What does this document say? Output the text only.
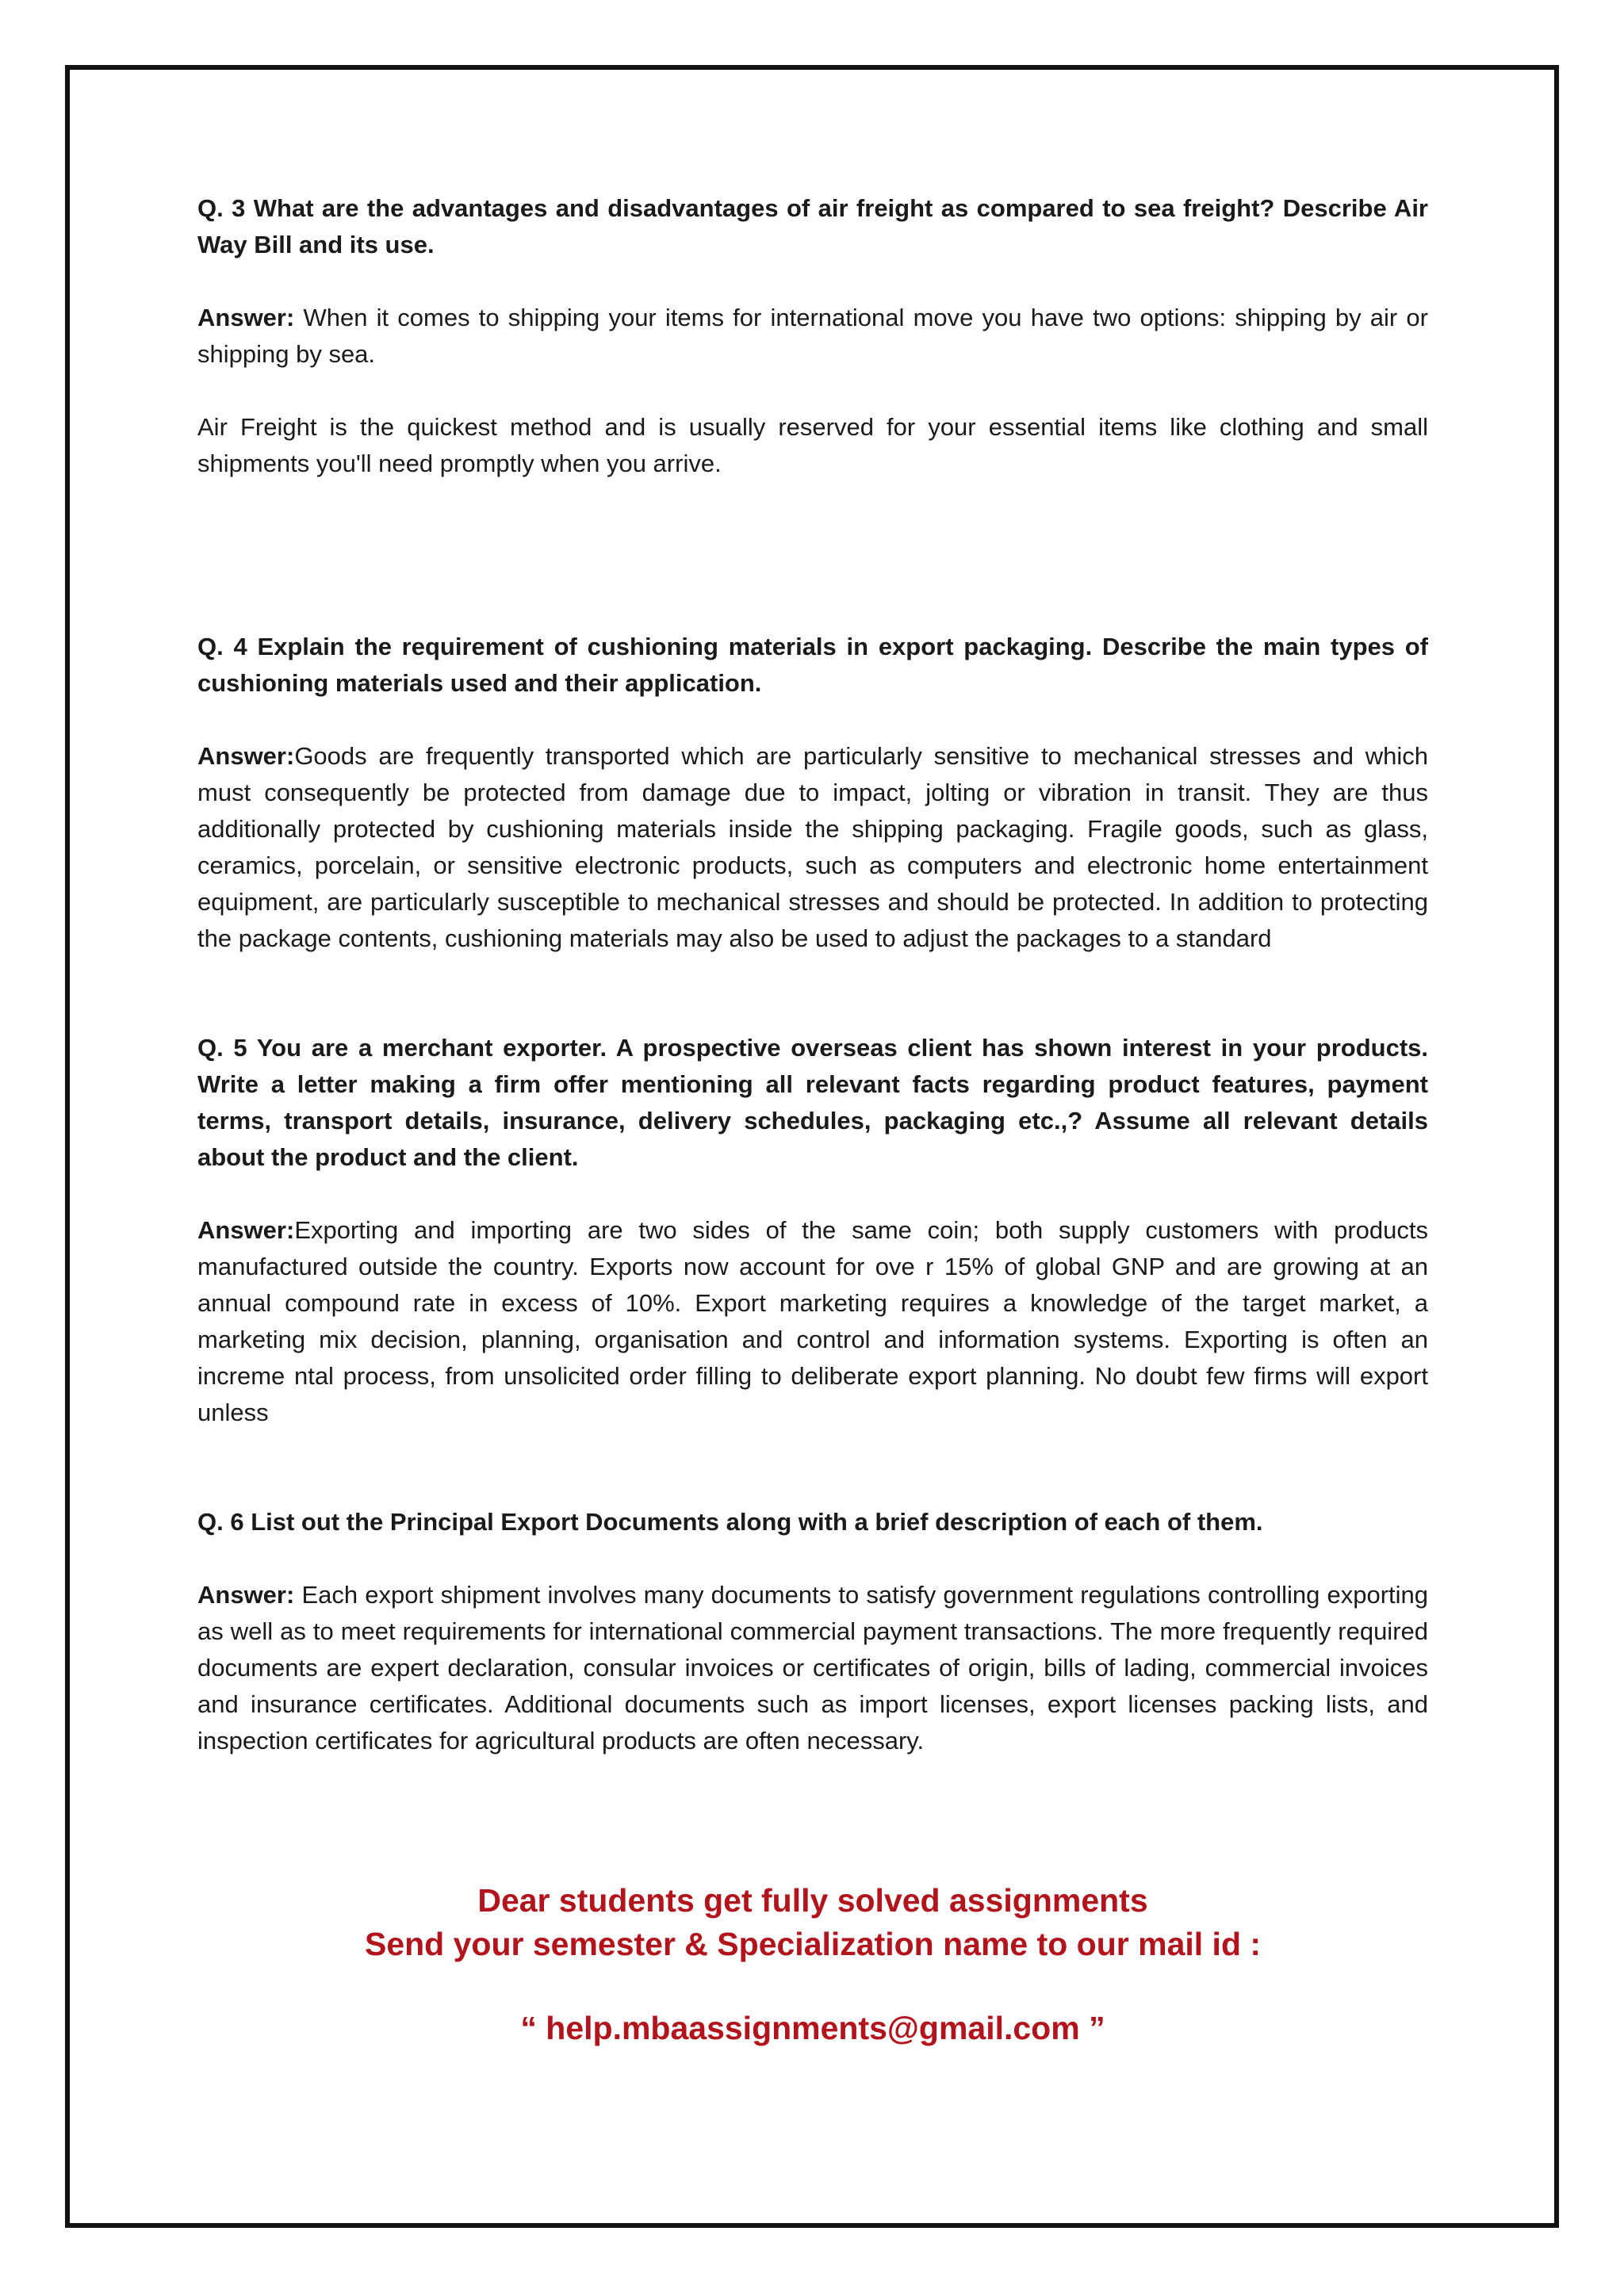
Q. 3 What are the advantages and disadvantages of air freight as compared to sea freight? Describe Air Way Bill and its use.

Answer: When it comes to shipping your items for international move you have two options: shipping by air or shipping by sea.

Air Freight is the quickest method and is usually reserved for your essential items like clothing and small shipments you'll need promptly when you arrive.

Q. 4 Explain the requirement of cushioning materials in export packaging. Describe the main types of cushioning materials used and their application.

Answer:Goods are frequently transported which are particularly sensitive to mechanical stresses and which must consequently be protected from damage due to impact, jolting or vibration in transit. They are thus additionally protected by cushioning materials inside the shipping packaging. Fragile goods, such as glass, ceramics, porcelain, or sensitive electronic products, such as computers and electronic home entertainment equipment, are particularly susceptible to mechanical stresses and should be protected. In addition to protecting the package contents, cushioning materials may also be used to adjust the packages to a standard

Q. 5 You are a merchant exporter. A prospective overseas client has shown interest in your products. Write a letter making a firm offer mentioning all relevant facts regarding product features, payment terms, transport details, insurance, delivery schedules, packaging etc.,? Assume all relevant details about the product and the client.

Answer:Exporting and importing are two sides of the same coin; both supply customers with products manufactured outside the country. Exports now account for ove r 15% of global GNP and are growing at an annual compound rate in excess of 10%. Export marketing requires a knowledge of the target market, a marketing mix decision, planning, organisation and control and information systems. Exporting is often an increme ntal process, from unsolicited order filling to deliberate export planning. No doubt few firms will export unless

Q. 6 List out the Principal Export Documents along with a brief description of each of them.

Answer: Each export shipment involves many documents to satisfy government regulations controlling exporting as well as to meet requirements for international commercial payment transactions. The more frequently required documents are expert declaration, consular invoices or certificates of origin, bills of lading, commercial invoices and insurance certificates. Additional documents such as import licenses, export licenses packing lists, and inspection certificates for agricultural products are often necessary.

Dear students get fully solved assignments

Send your semester & Specialization name to our mail id :

“ help.mbaassignments@gmail.com ”
